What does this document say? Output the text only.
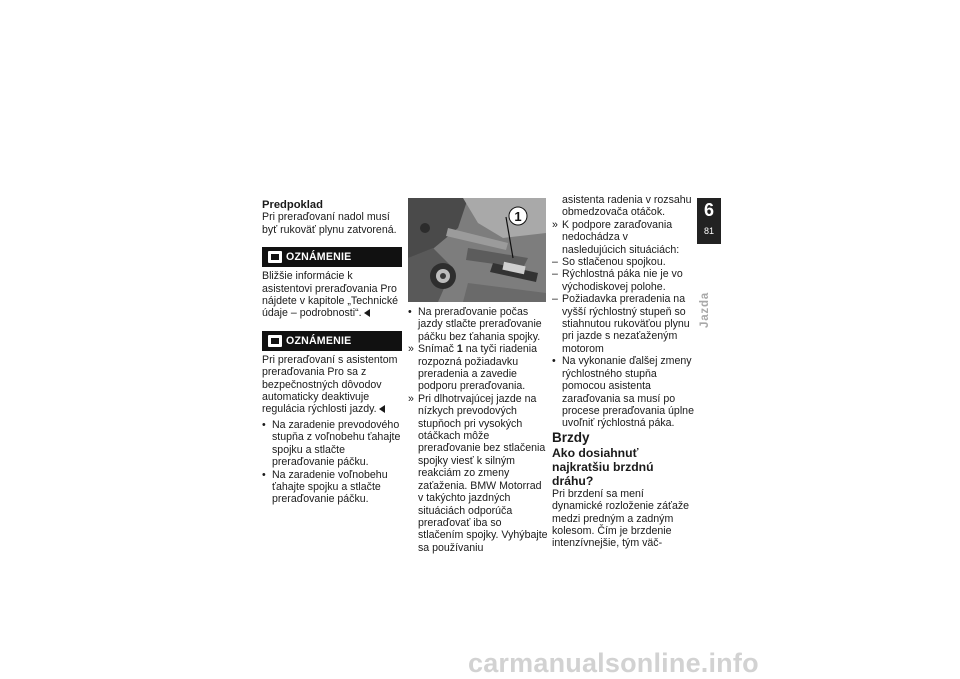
Predpoklad

Pri preraďovaní nadol musí byť rukoväť plynu zatvorená.

OZNÁMENIE

Bližšie informácie k asistentovi preraďovania Pro nájdete v kapitole „Technické údaje – podrobnosti“.

OZNÁMENIE

Pri preraďovaní s asistentom preraďovania Pro sa z bezpečnostných dôvodov automaticky deaktivuje regulácia rýchlosti jazdy.

• Na zaradenie prevodového stupňa z voľnobehu ťahajte spojku a stlačte preraďovanie páčku.
• Na zaradenie voľnobehu ťahajte spojku a stlačte preraďovanie páčku.
1
• Na preraďovanie počas jazdy stlačte preraďovanie páčku bez ťahania spojky.
» Snímač 1 na tyči riadenia rozpozná požiadavku preradenia a zavedie podporu preraďovania.
» Pri dlhotrvajúcej jazde na nízkych prevodových stupňoch pri vysokých otáčkach môže preraďovanie bez stlačenia spojky viesť k silným reakciám zo zmeny zaťaženia. BMW Motorrad v takýchto jazdných situáciách odporúča preraďovať iba so stlačením spojky. Vyhýbajte sa používaniu

asistenta radenia v rozsahu obmedzovača otáčok.

» K podpore zaraďovania nedochádza v nasledujúcich situáciách:
– So stlačenou spojkou.
– Rýchlostná páka nie je vo východiskovej polohe.
– Požiadavka preradenia na vyšší rýchlostný stupeň so stiahnutou rukoväťou plynu pri jazde s nezaťaženým motorom
• Na vykonanie ďalšej zmeny rýchlostného stupňa pomocou asistenta zaraďovania sa musí po procese preraďovania úplne uvoľniť rýchlostná páka.

Brzdy

Ako dosiahnuť najkratšiu brzdnú dráhu?

Pri brzdení sa mení dynamické rozloženie záťaže medzi predným a zadným kolesom. Čím je brzdenie intenzívnejšie, tým väč-

6
81
Jazda
carmanualsonline.info
